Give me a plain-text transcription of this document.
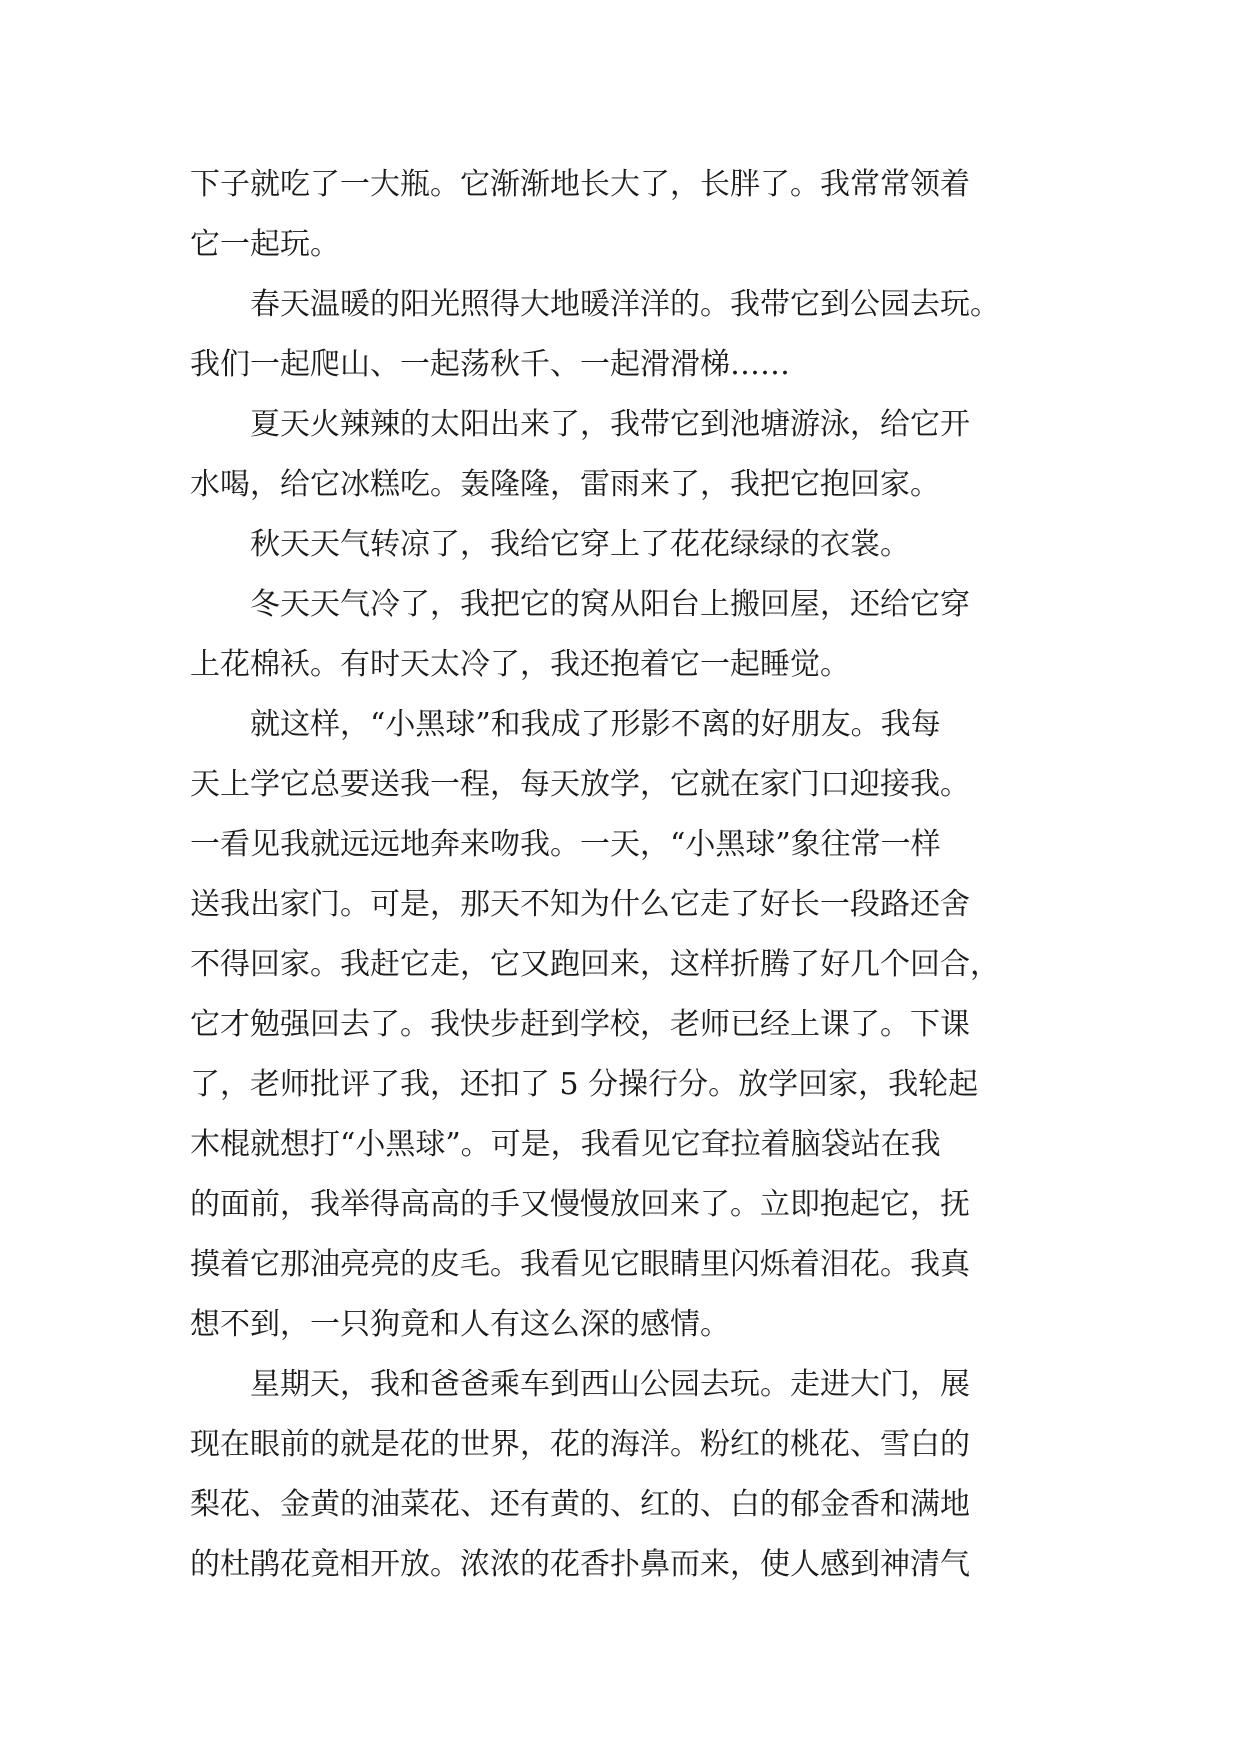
下子就吃了一大瓶。它渐渐地长大了，长胖了。我常常领着
它一起玩。
　　春天温暖的阳光照得大地暖洋洋的。我带它到公园去玩。
我们一起爬山、一起荡秋千、一起滑滑梯……
　　夏天火辣辣的太阳出来了，我带它到池塘游泳，给它开
水喝，给它冰糕吃。轰隆隆，雷雨来了，我把它抱回家。
　　秋天天气转凉了，我给它穿上了花花绿绿的衣裳。
　　冬天天气冷了，我把它的窝从阳台上搬回屋，还给它穿
上花棉袄。有时天太冷了，我还抱着它一起睡觉。
　　就这样，“小黑球”和我成了形影不离的好朋友。我每
天上学它总要送我一程，每天放学，它就在家门口迎接我。
一看见我就远远地奔来吻我。一天，“小黑球”象往常一样
送我出家门。可是，那天不知为什么它走了好长一段路还舍
不得回家。我赶它走，它又跑回来，这样折腾了好几个回合，
它才勉强回去了。我快步赶到学校，老师已经上课了。下课
了，老师批评了我，还扣了 5 分操行分。放学回家，我轮起
木棍就想打“小黑球”。可是，我看见它耷拉着脑袋站在我
的面前，我举得高高的手又慢慢放回来了。立即抱起它，抚
摸着它那油亮亮的皮毛。我看见它眼睛里闪烁着泪花。我真
想不到，一只狗竟和人有这么深的感情。
　　星期天，我和爸爸乘车到西山公园去玩。走进大门，展
现在眼前的就是花的世界，花的海洋。粉红的桃花、雪白的
梨花、金黄的油菜花、还有黄的、红的、白的郁金香和满地
的杜鹃花竟相开放。浓浓的花香扑鼻而来，使人感到神清气
